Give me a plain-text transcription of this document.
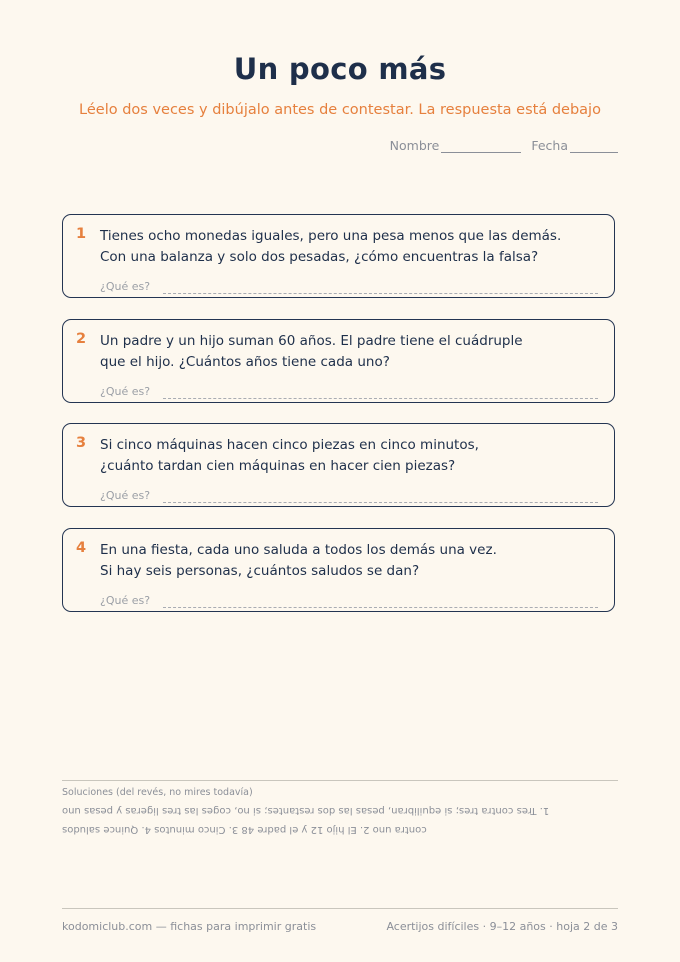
Un poco más
Léelo dos veces y dibújalo antes de contestar. La respuesta está debajo
Nombre	Fecha
1 Tienes ocho monedas iguales, pero una pesa menos que las demás.
Con una balanza y solo dos pesadas, ¿cómo encuentras la falsa?
¿Qué es?
2 Un padre y un hijo suman 60 años. El padre tiene el cuádruple
que el hijo. ¿Cuántos años tiene cada uno?
¿Qué es?
3 Si cinco máquinas hacen cinco piezas en cinco minutos,
¿cuánto tardan cien máquinas en hacer cien piezas?
¿Qué es?
4 En una fiesta, cada uno saluda a todos los demás una vez.
Si hay seis personas, ¿cuántos saludos se dan?
¿Qué es?
Soluciones (del revés, no mires todavía)
contra uno 2. El hijo 12 y el padre 48 3. Cinco minutos 4. Quince saludos
1. Tres contra tres; si equilibran, pesas las dos restantes; si no, coges las tres ligeras y pesas uno
kodomiclub.com — fichas para imprimir gratis	Acertijos difíciles · 9–12 años · hoja 2 de 3
